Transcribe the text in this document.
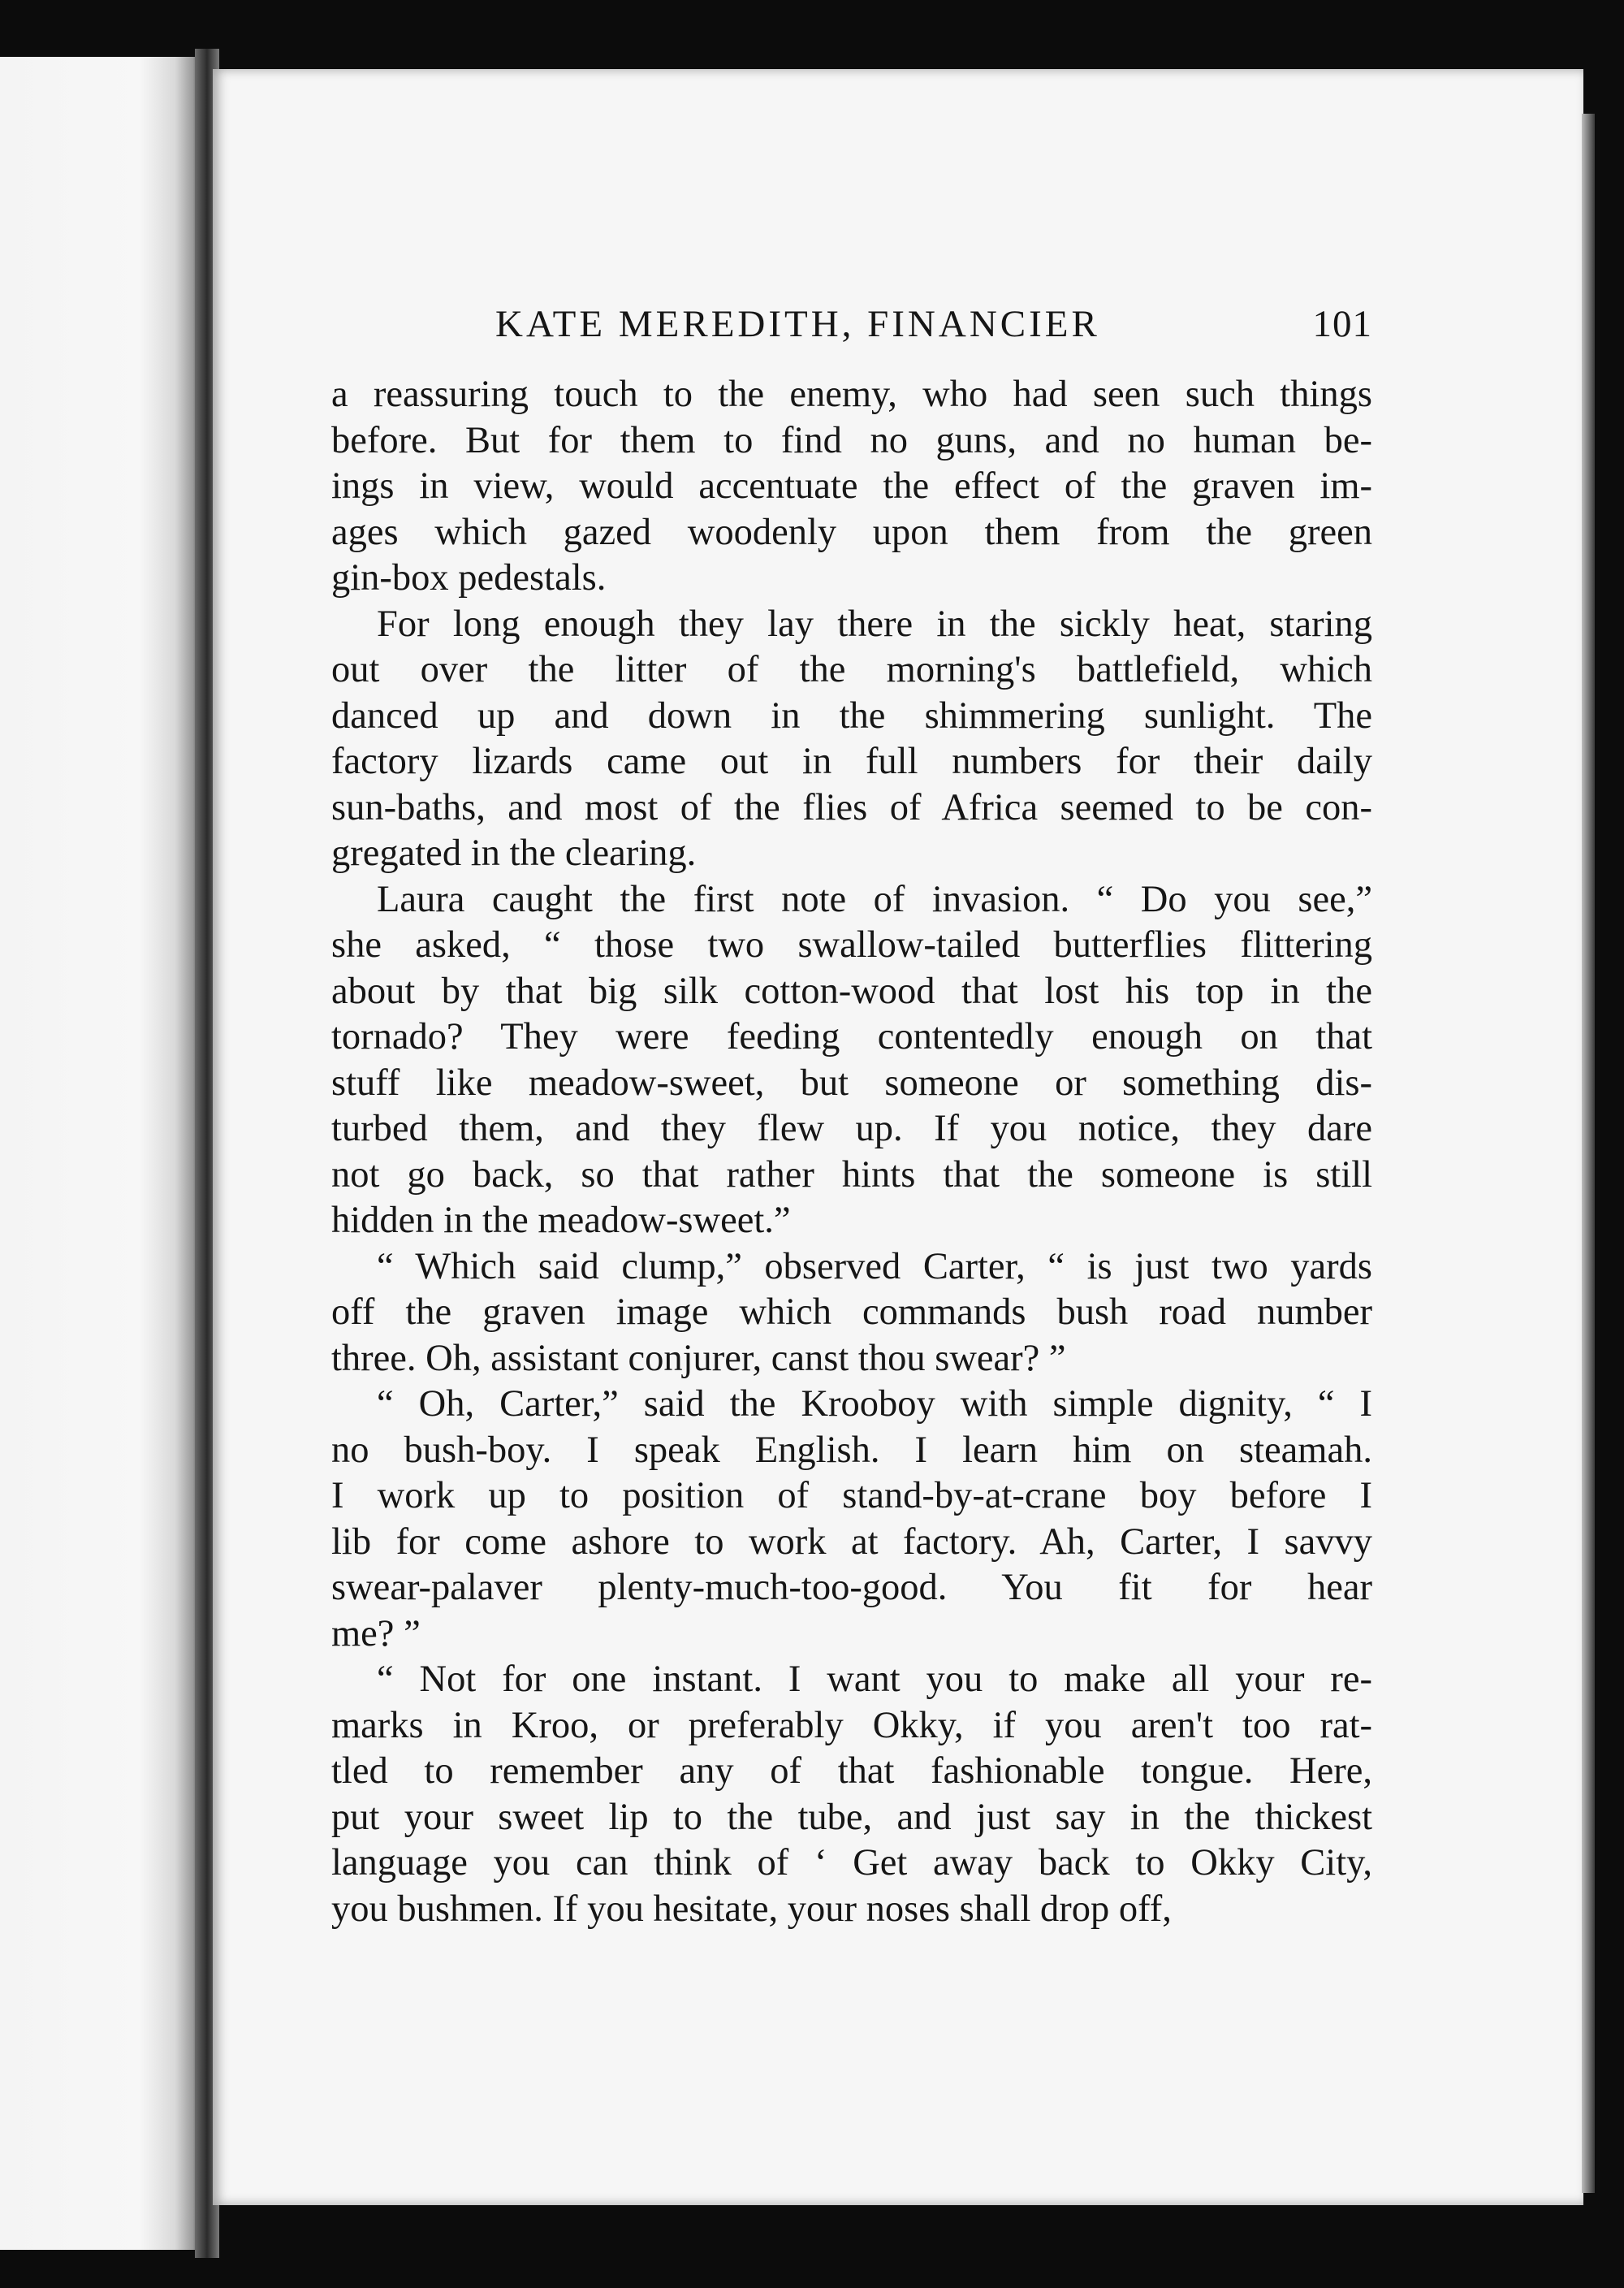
KATE MEREDITH, FINANCIER	101

a reassuring touch to the enemy, who had seen such things
before. But for them to find no guns, and no human be-
ings in view, would accentuate the effect of the graven im-
ages which gazed woodenly upon them from the green
gin-box pedestals.

For long enough they lay there in the sickly heat, staring
out over the litter of the morning's battlefield, which
danced up and down in the shimmering sunlight. The
factory lizards came out in full numbers for their daily
sun-baths, and most of the flies of Africa seemed to be con-
gregated in the clearing.

Laura caught the first note of invasion. “ Do you see,”
she asked, “ those two swallow-tailed butterflies flittering
about by that big silk cotton-wood that lost his top in the
tornado? They were feeding contentedly enough on that
stuff like meadow-sweet, but someone or something dis-
turbed them, and they flew up. If you notice, they dare
not go back, so that rather hints that the someone is still
hidden in the meadow-sweet.”

“ Which said clump,” observed Carter, “ is just two yards
off the graven image which commands bush road number
three. Oh, assistant conjurer, canst thou swear? ”

“ Oh, Carter,” said the Krooboy with simple dignity, “ I
no bush-boy. I speak English. I learn him on steamah.
I work up to position of stand-by-at-crane boy before I
lib for come ashore to work at factory. Ah, Carter, I savvy
swear-palaver plenty-much-too-good. You fit for hear
me? ”

“ Not for one instant. I want you to make all your re-
marks in Kroo, or preferably Okky, if you aren't too rat-
tled to remember any of that fashionable tongue. Here,
put your sweet lip to the tube, and just say in the thickest
language you can think of ‘ Get away back to Okky City,
you bushmen. If you hesitate, your noses shall drop off,
